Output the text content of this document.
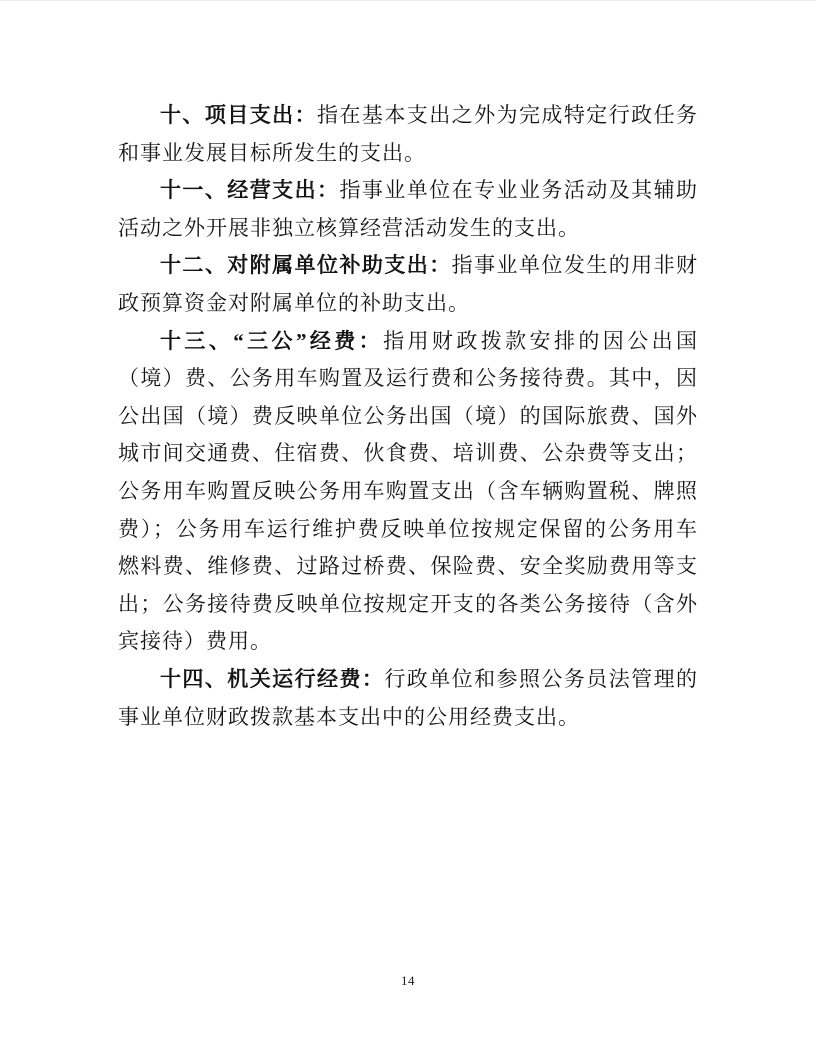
十、项目支出：指在基本支出之外为完成特定行政任务和事业发展目标所发生的支出。

十一、经营支出：指事业单位在专业业务活动及其辅助活动之外开展非独立核算经营活动发生的支出。

十二、对附属单位补助支出：指事业单位发生的用非财政预算资金对附属单位的补助支出。

十三、“三公”经费：指用财政拨款安排的因公出国（境）费、公务用车购置及运行费和公务接待费。其中，因公出国（境）费反映单位公务出国（境）的国际旅费、国外城市间交通费、住宿费、伙食费、培训费、公杂费等支出；公务用车购置反映公务用车购置支出（含车辆购置税、牌照费）；公务用车运行维护费反映单位按规定保留的公务用车燃料费、维修费、过路过桥费、保险费、安全奖励费用等支出；公务接待费反映单位按规定开支的各类公务接待（含外宾接待）费用。

十四、机关运行经费：行政单位和参照公务员法管理的事业单位财政拨款基本支出中的公用经费支出。

14
